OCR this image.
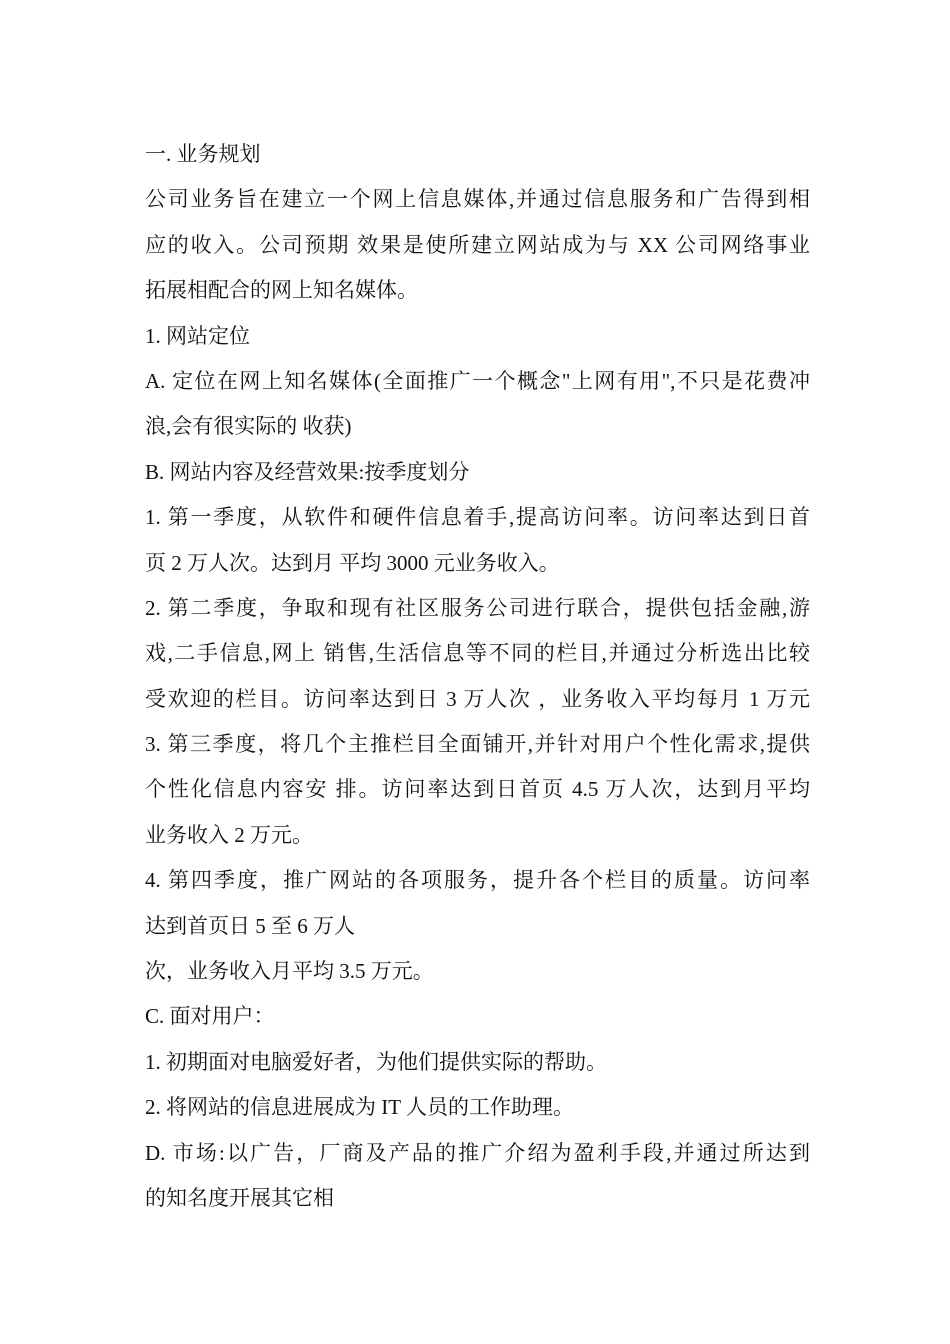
一. 业务规划
公司业务旨在建立一个网上信息媒体,并通过信息服务和广告得到相
应的收入。公司预期 效果是使所建立网站成为与 XX 公司网络事业
拓展相配合的网上知名媒体。
1. 网站定位
A. 定位在网上知名媒体(全面推广一个概念"上网有用",不只是花费冲
浪,会有很实际的 收获)
B. 网站内容及经营效果:按季度划分
1. 第一季度，从软件和硬件信息着手,提高访问率。访问率达到日首
页 2 万人次。达到月 平均 3000 元业务收入。
2. 第二季度，争取和现有社区服务公司进行联合，提供包括金融,游
戏,二手信息,网上 销售,生活信息等不同的栏目,并通过分析选出比较
受欢迎的栏目。访问率达到日 3 万人次 ，业务收入平均每月 1 万元
3. 第三季度，将几个主推栏目全面铺开,并针对用户个性化需求,提供
个性化信息内容安 排。访问率达到日首页 4.5 万人次，达到月平均
业务收入 2 万元。
4. 第四季度，推广网站的各项服务，提升各个栏目的质量。访问率
达到首页日 5 至 6 万人
次，业务收入月平均 3.5 万元。
C. 面对用户：
1. 初期面对电脑爱好者，为他们提供实际的帮助。
2. 将网站的信息进展成为 IT 人员的工作助理。
D. 市场:以广告，厂商及产品的推广介绍为盈利手段,并通过所达到
的知名度开展其它相
